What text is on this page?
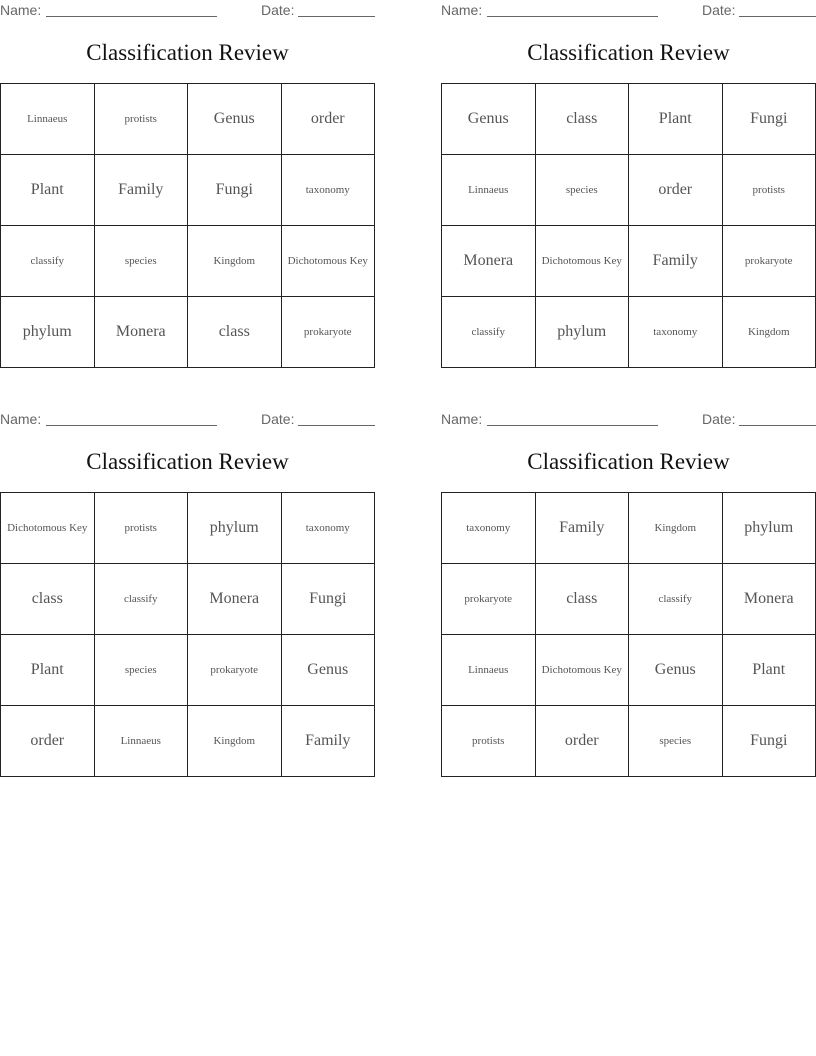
Name:	Date:
Classification Review
Linnaeus	protists	Genus	order
Plant	Family	Fungi	taxonomy
classify	species	Kingdom	Dichotomous Key
phylum	Monera	class	prokaryote
Name:	Date:
Classification Review
Genus	class	Plant	Fungi
Linnaeus	species	order	protists
Monera	Dichotomous Key	Family	prokaryote
classify	phylum	taxonomy	Kingdom
Name:	Date:
Classification Review
Dichotomous Key	protists	phylum	taxonomy
class	classify	Monera	Fungi
Plant	species	prokaryote	Genus
order	Linnaeus	Kingdom	Family
Name:	Date:
Classification Review
taxonomy	Family	Kingdom	phylum
prokaryote	class	classify	Monera
Linnaeus	Dichotomous Key	Genus	Plant
protists	order	species	Fungi
